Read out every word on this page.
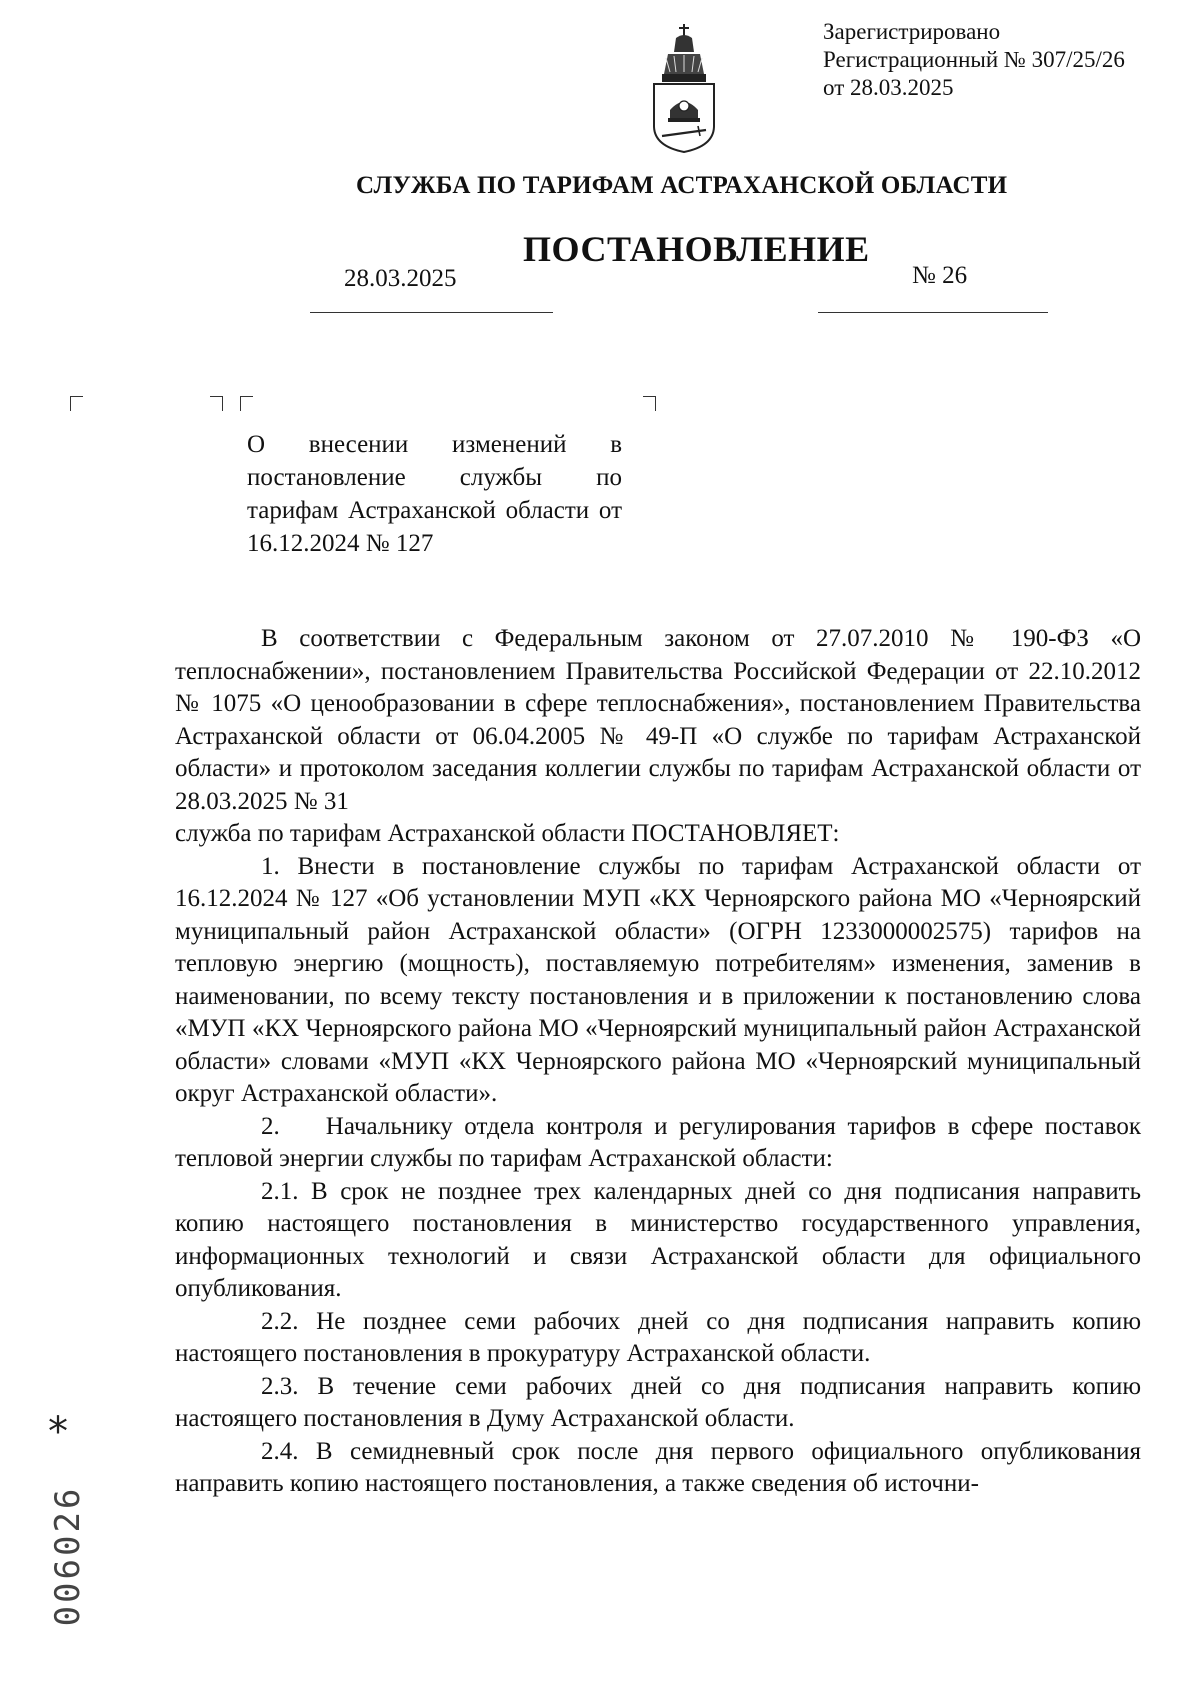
Зарегистрировано
Регистрационный № 307/25/26
от 28.03.2025
СЛУЖБА ПО ТАРИФАМ АСТРАХАНСКОЙ ОБЛАСТИ
ПОСТАНОВЛЕНИЕ
28.03.2025	№ 26
О внесении изменений в постановление службы по тарифам Астраханской области от 16.12.2024 № 127

В соответствии с Федеральным законом от 27.07.2010 № 190-ФЗ «О теплоснабжении», постановлением Правительства Российской Федерации от 22.10.2012 № 1075 «О ценообразовании в сфере теплоснабжения», постановлением Правительства Астраханской области от 06.04.2005 № 49-П «О службе по тарифам Астраханской области» и протоколом заседания коллегии службы по тарифам Астраханской области от 28.03.2025 № 31

служба по тарифам Астраханской области ПОСТАНОВЛЯЕТ:

1. Внести в постановление службы по тарифам Астраханской области от 16.12.2024 № 127 «Об установлении МУП «КХ Черноярского района МО «Черноярский муниципальный район Астраханской области» (ОГРН 1233000002575) тарифов на тепловую энергию (мощность), поставляемую потребителям» изменения, заменив в наименовании, по всему тексту постановления и в приложении к постановлению слова «МУП «КХ Черноярского района МО «Черноярский муниципальный район Астраханской области» словами «МУП «КХ Черноярского района МО «Черноярский муниципальный округ Астраханской области».

2.    Начальнику отдела контроля и регулирования тарифов в сфере поставок тепловой энергии службы по тарифам Астраханской области:

2.1. В срок не позднее трех календарных дней со дня подписания направить копию настоящего постановления в министерство государственного управления, информационных технологий и связи Астраханской области для официального опубликования.

2.2. Не позднее семи рабочих дней со дня подписания направить копию настоящего постановления в прокуратуру Астраханской области.

2.3. В течение семи рабочих дней со дня подписания направить копию настоящего постановления в Думу Астраханской области.

2.4. В семидневный срок после дня первого официального опубликования направить копию настоящего постановления, а также сведения об источни-

*
006026
